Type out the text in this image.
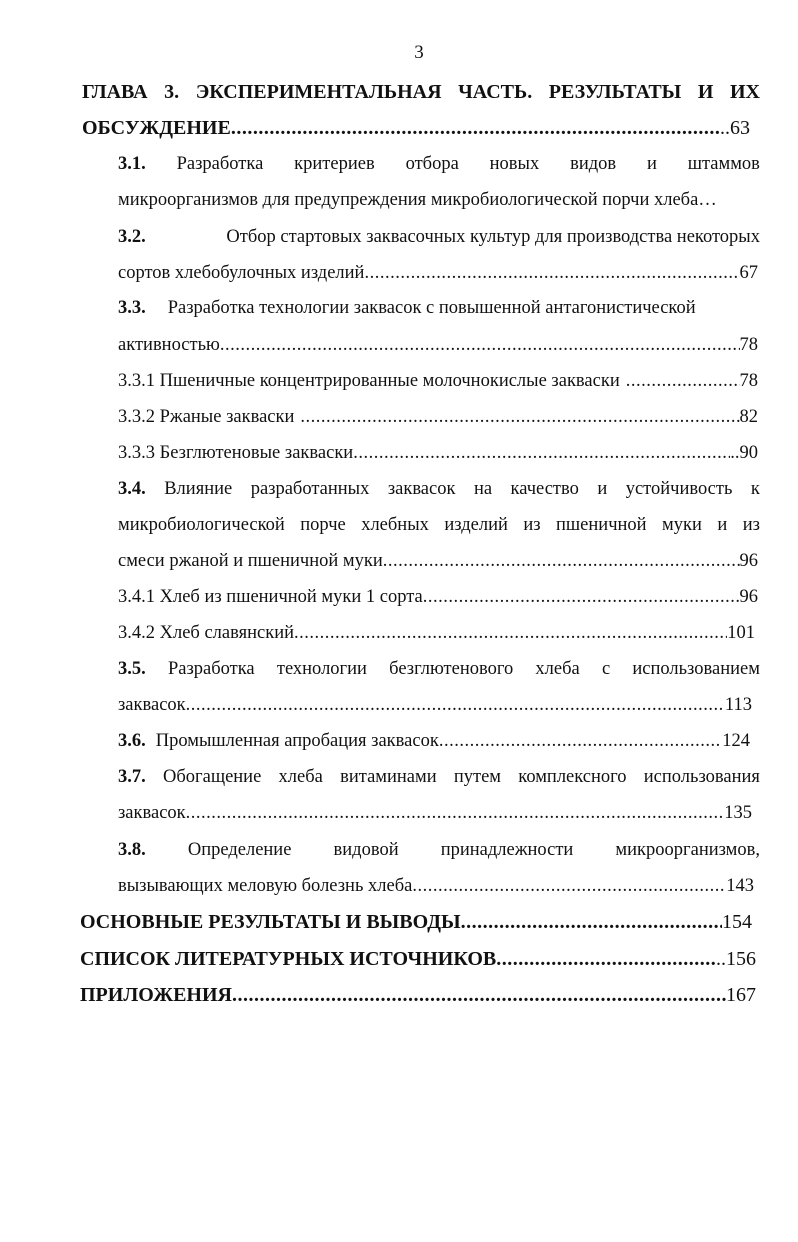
3
ГЛАВА 3. ЭКСПЕРИМЕНТАЛЬНАЯ ЧАСТЬ. РЕЗУЛЬТАТЫ И ИХ
ОБСУЖДЕНИЕ .....	..63
3.1. Разработка критериев отбора новых видов и штаммов
микроорганизмов для предупреждения микробиологической порчи хлеба…
3.2.	Отбор стартовых заквасочных культур для производства некоторых
сортов хлебобулочных изделий .....	67
3.3. Разработка технологии заквасок с повышенной антагонистической
активностью .....	78
3.3.1 Пшеничные концентрированные молочнокислые закваски .....	78
3.3.2 Ржаные закваски .....	82
3.3.3 Безглютеновые закваски .....	..90
3.4. Влияние разработанных заквасок на качество и устойчивость к
микробиологической порче хлебных изделий из пшеничной муки и из
смеси ржаной и пшеничной муки .....	96
3.4.1 Хлеб из пшеничной муки 1 сорта .....	96
3.4.2 Хлеб славянский .....	101
3.5. Разработка технологии безглютенового хлеба с использованием
заквасок .....	113
3.6. Промышленная апробация заквасок .....	124
3.7. Обогащение хлеба витаминами путем комплексного использования
заквасок .....	135
3.8. Определение видовой принадлежности микроорганизмов,
вызывающих меловую болезнь хлеба .....	143
ОСНОВНЫЕ РЕЗУЛЬТАТЫ И ВЫВОДЫ .....	154
СПИСОК ЛИТЕРАТУРНЫХ ИСТОЧНИКОВ .....	..156
ПРИЛОЖЕНИЯ .....	167
